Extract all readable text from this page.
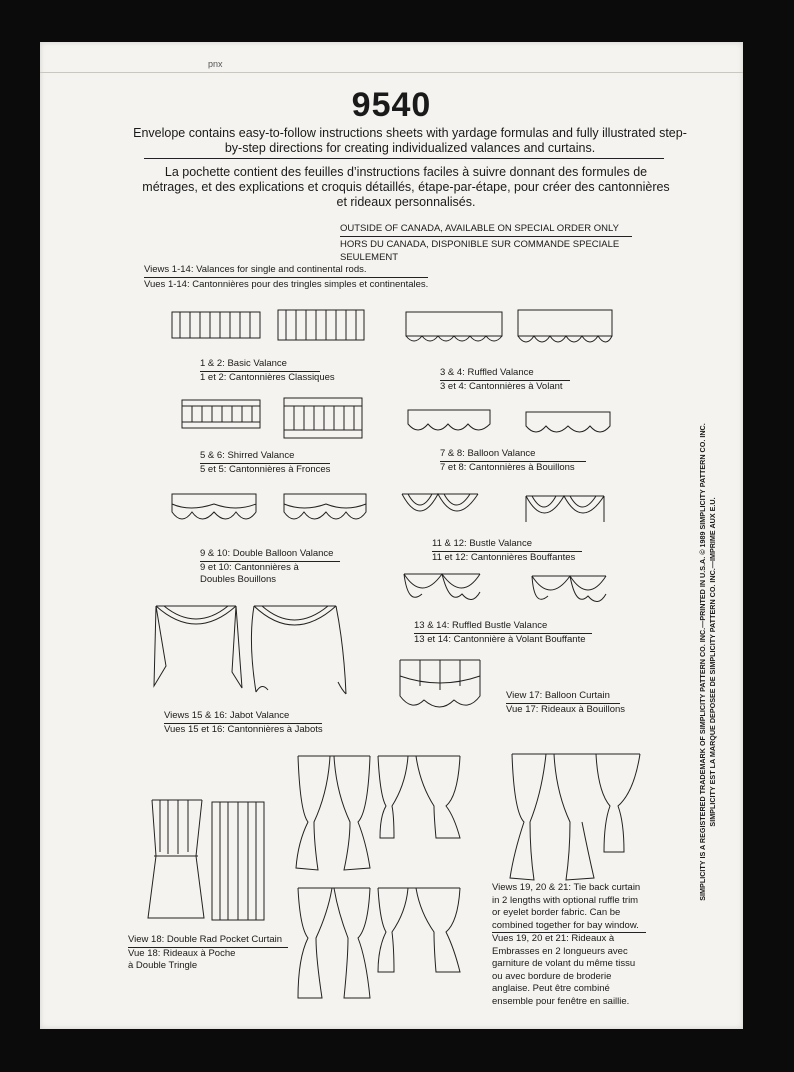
xud
9540
Envelope contains easy-to-follow instructions sheets with yardage formulas and fully illustrated step-by-step directions for creating individualized valances and curtains.
La pochette contient des feuilles d’instructions faciles à suivre donnant des formules de métrages, et des explications et croquis détaillés, étape-par-étape, pour créer des cantonnières et rideaux personnalisés.
OUTSIDE OF CANADA, AVAILABLE ON SPECIAL ORDER ONLY
HORS DU CANADA, DISPONIBLE SUR COMMANDE SPECIALE SEULEMENT
Views 1-14: Valances for single and continental rods.
Vues 1-14: Cantonnières pour des tringles simples et continentales.
1 & 2: Basic Valance
1 et 2: Cantonnières Classiques	3 & 4: Ruffled Valance
3 et 4: Cantonnières à Volant
5 & 6: Shirred Valance
5 et 5: Cantonnières à Fronces
7 & 8: Balloon Valance
7 et 8: Cantonnières à Bouillons
9 & 10: Double Balloon Valance
9 et 10: Cantonnières à
Doubles Bouillons
11 & 12: Bustle Valance
11 et 12: Cantonnières Bouffantes
13 & 14: Ruffled Bustle Valance
13 et 14: Cantonnière à Volant Bouffante
Views 15 & 16: Jabot Valance
Vues 15 et 16: Cantonnières à Jabots
View 17: Balloon Curtain
Vue 17: Rideaux à Bouillons
View 18: Double Rad Pocket Curtain
Vue 18: Rideaux à Poche
à Double Tringle
Views 19, 20 & 21: Tie back curtain
in 2 lengths with optional ruffle trim
or eyelet border fabric. Can be
combined together for bay window.
Vues 19, 20 et 21: Rideaux à
Embrasses en 2 longueurs avec
garniture de volant du même tissu
ou avec bordure de broderie
anglaise. Peut être combiné
ensemble pour fenêtre en saillie.
SIMPLICITY IS A REGISTERED TRADEMARK OF SIMPLICITY PATTERN CO. INC.—PRINTED IN U.S.A. © 1989 SIMPLICITY PATTERN CO. INC. SIMPLICITY EST LA MARQUE DEPOSEE DE SIMPLICITY PATTERN CO. INC.—IMPRIME AUX E.U.
